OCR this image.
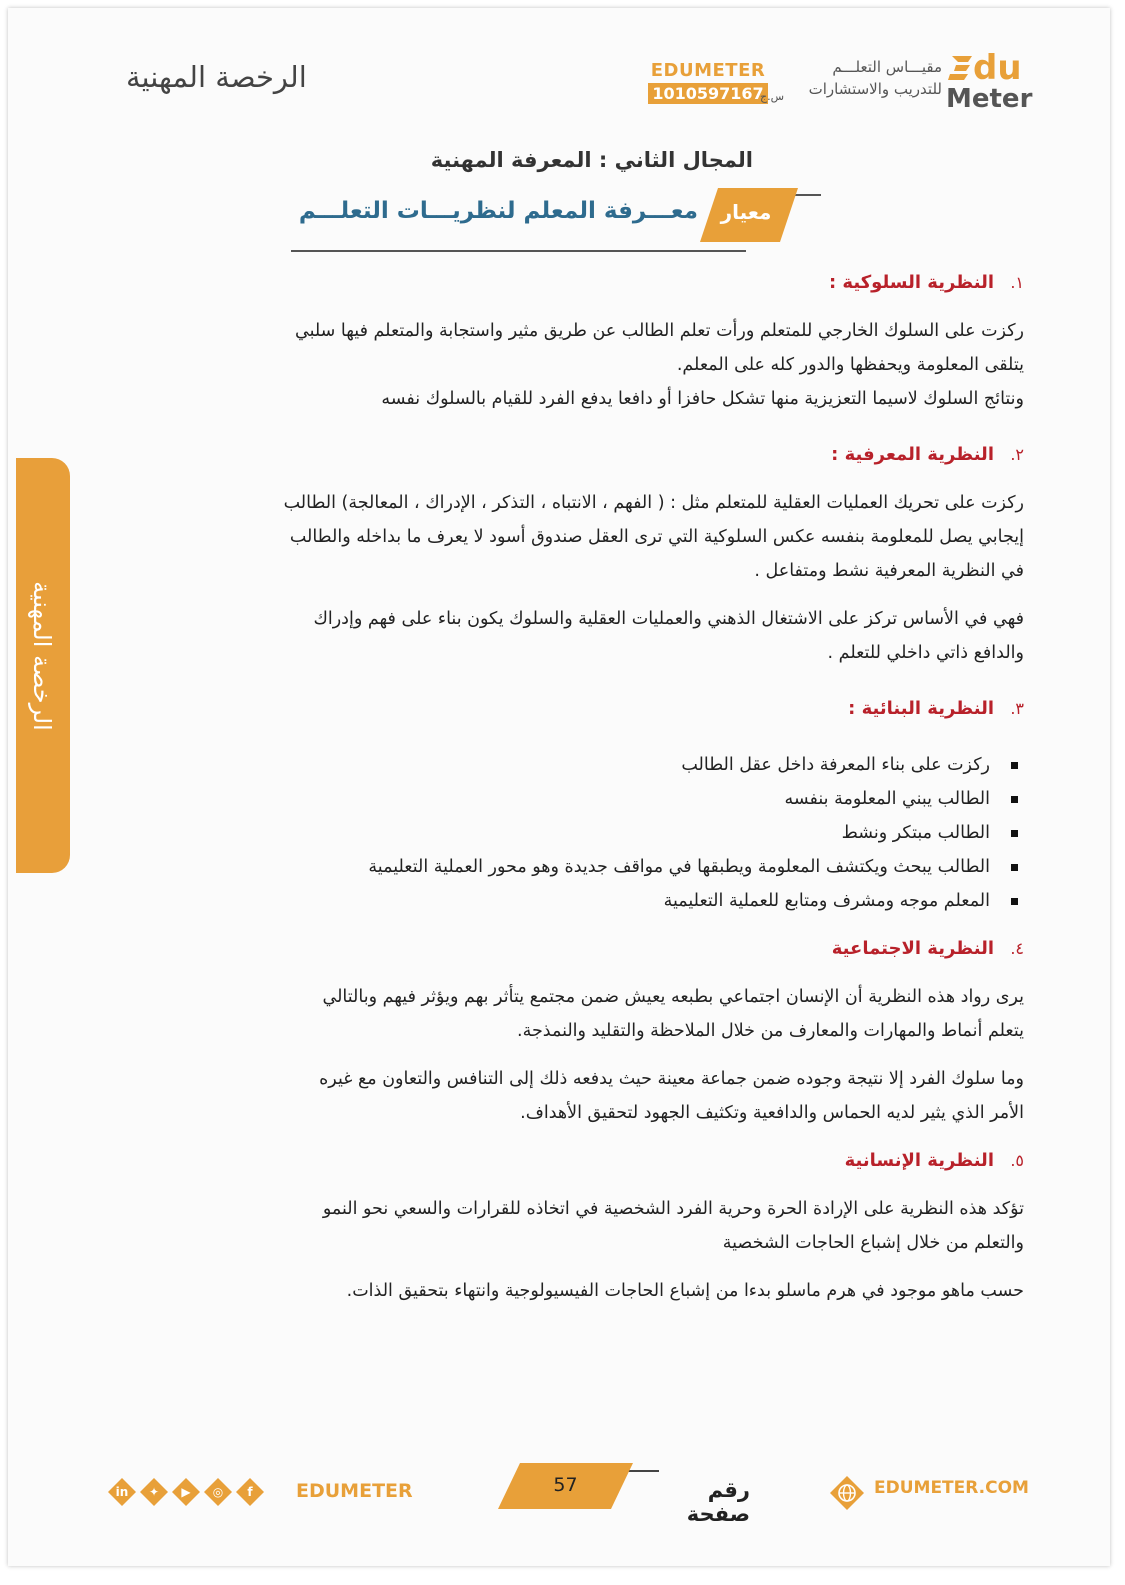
الرخصة المهنية	EDUMETER
1010597167
س.ج
مقيـــاس التعلـــم
للتدريب والاستشارات
du
Meter
المجال الثاني : المعرفة المهنية
معيار
معـــرفة المعلم لنظريـــات التعلـــم
١.
النظرية السلوكية :

ركزت على السلوك الخارجي للمتعلم ورأت تعلم الطالب عن طريق مثير واستجابة والمتعلم فيها سلبي

يتلقى المعلومة ويحفظها والدور كله على المعلم.

ونتائج السلوك لاسيما التعزيزية منها تشكل حافزا أو دافعا يدفع الفرد للقيام بالسلوك نفسه

٢.
النظرية المعرفية :

ركزت على تحريك العمليات العقلية للمتعلم مثل : ( الفهم ، الانتباه ، التذكر ، الإدراك ، المعالجة) الطالب

إيجابي يصل للمعلومة بنفسه عكس السلوكية التي ترى العقل صندوق أسود لا يعرف ما بداخله والطالب

في النظرية المعرفية نشط ومتفاعل .

فهي في الأساس تركز على الاشتغال الذهني والعمليات العقلية والسلوك يكون بناء على فهم وإدراك

والدافع ذاتي داخلي للتعلم .

٣.
النظرية البنائية :
ركزت على بناء المعرفة داخل عقل الطالب
الطالب يبني المعلومة بنفسه
الطالب مبتكر ونشط
الطالب يبحث ويكتشف المعلومة ويطبقها في مواقف جديدة وهو محور العملية التعليمية
المعلم موجه ومشرف ومتابع للعملية التعليمية
٤.
النظرية الاجتماعية

يرى رواد هذه النظرية أن الإنسان اجتماعي بطبعه يعيش ضمن مجتمع يتأثر بهم ويؤثر فيهم وبالتالي

يتعلم أنماط والمهارات والمعارف من خلال الملاحظة والتقليد والنمذجة.

وما سلوك الفرد إلا نتيجة وجوده ضمن جماعة معينة حيث يدفعه ذلك إلى التنافس والتعاون مع غيره

الأمر الذي يثير لديه الحماس والدافعية وتكثيف الجهود لتحقيق الأهداف.

٥.
النظرية الإنسانية

تؤكد هذه النظرية على الإرادة الحرة وحرية الفرد الشخصية في اتخاذه للقرارات والسعي نحو النمو

والتعلم من خلال إشباع الحاجات الشخصية

حسب ماهو موجود في هرم ماسلو بدءا من إشباع الحاجات الفيسيولوجية وانتهاء بتحقيق الذات.

الرخصة المهنية
57	رقم صفحة
EDUMETER
in	✦	▶	◎	f	EDUMETER.COM
